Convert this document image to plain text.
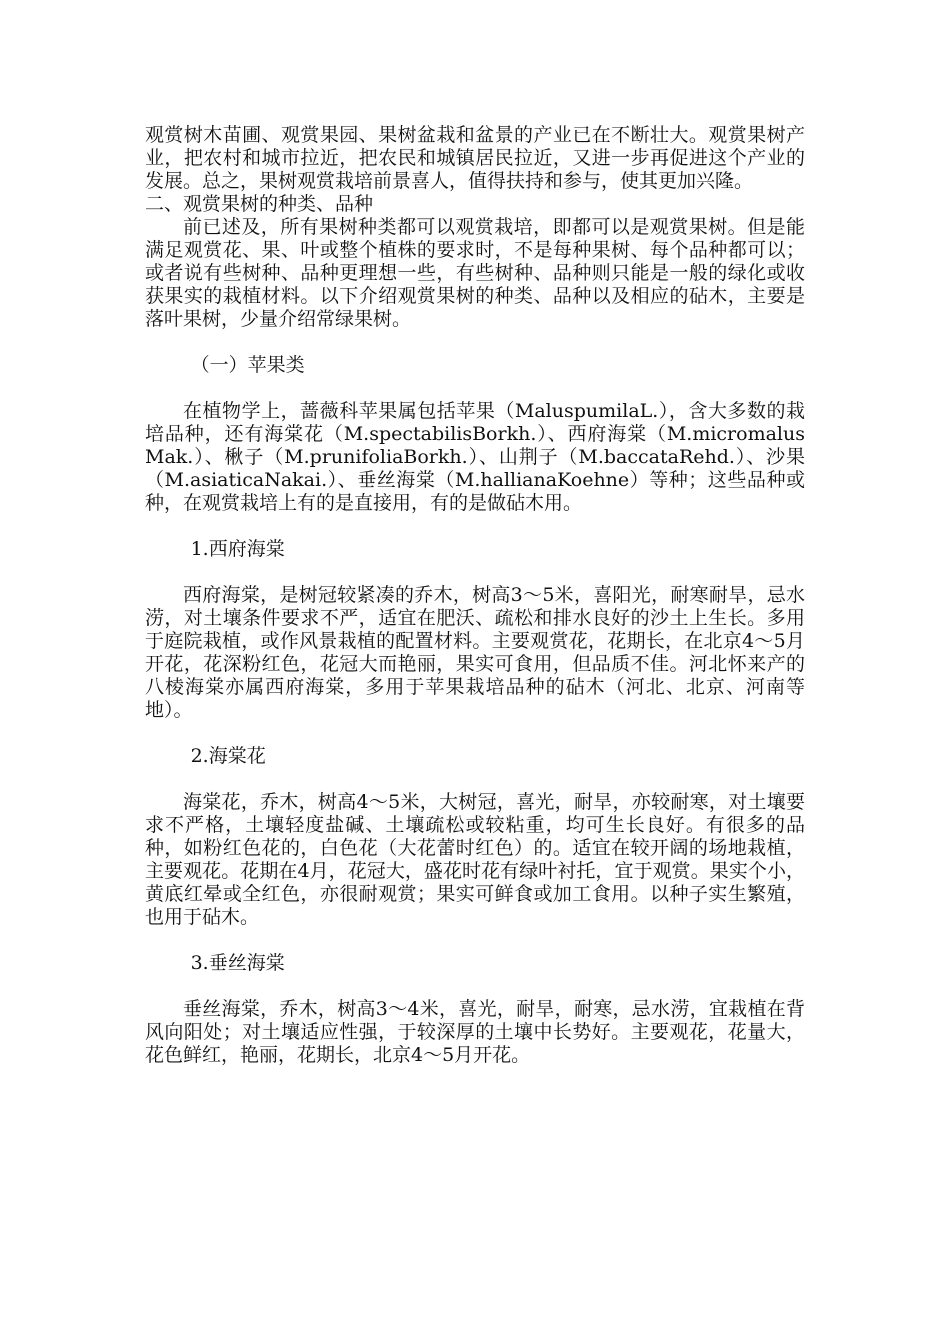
观赏树木苗圃、观赏果园、果树盆栽和盆景的产业已在不断壮大。观赏果树产业，把农村和城市拉近，把农民和城镇居民拉近，又进一步再促进这个产业的发展。总之，果树观赏栽培前景喜人，值得扶持和参与，使其更加兴隆。

二、观赏果树的种类、品种

前已述及，所有果树种类都可以观赏栽培，即都可以是观赏果树。但是能满足观赏花、果、叶或整个植株的要求时，不是每种果树、每个品种都可以；或者说有些树种、品种更理想一些，有些树种、品种则只能是一般的绿化或收获果实的栽植材料。以下介绍观赏果树的种类、品种以及相应的砧木，主要是落叶果树，少量介绍常绿果树。

（一）苹果类

在植物学上，蔷薇科苹果属包括苹果（MaluspumilaL.），含大多数的栽培品种，还有海棠花（M.spectabilisBorkh.）、西府海棠（M.micromalusMak.）、楸子（M.prunifoliaBorkh.）、山荆子（M.baccataRehd.）、沙果（M.asiaticaNakai.）、垂丝海棠（M.hallianaKoehne）等种；这些品种或种，在观赏栽培上有的是直接用，有的是做砧木用。

1.西府海棠

西府海棠，是树冠较紧凑的乔木，树高3～5米，喜阳光，耐寒耐旱，忌水涝，对土壤条件要求不严，适宜在肥沃、疏松和排水良好的沙土上生长。多用于庭院栽植，或作风景栽植的配置材料。主要观赏花，花期长，在北京4～5月开花，花深粉红色，花冠大而艳丽，果实可食用，但品质不佳。河北怀来产的八棱海棠亦属西府海棠，多用于苹果栽培品种的砧木（河北、北京、河南等地）。

2.海棠花

海棠花，乔木，树高4～5米，大树冠，喜光，耐旱，亦较耐寒，对土壤要求不严格，土壤轻度盐碱、土壤疏松或较粘重，均可生长良好。有很多的品种，如粉红色花的，白色花（大花蕾时红色）的。适宜在较开阔的场地栽植，主要观花。花期在4月，花冠大，盛花时花有绿叶衬托，宜于观赏。果实个小，黄底红晕或全红色，亦很耐观赏；果实可鲜食或加工食用。以种子实生繁殖，也用于砧木。

3.垂丝海棠

垂丝海棠，乔木，树高3～4米，喜光，耐旱，耐寒，忌水涝，宜栽植在背风向阳处；对土壤适应性强，于较深厚的土壤中长势好。主要观花，花量大，花色鲜红，艳丽，花期长，北京4～5月开花。
